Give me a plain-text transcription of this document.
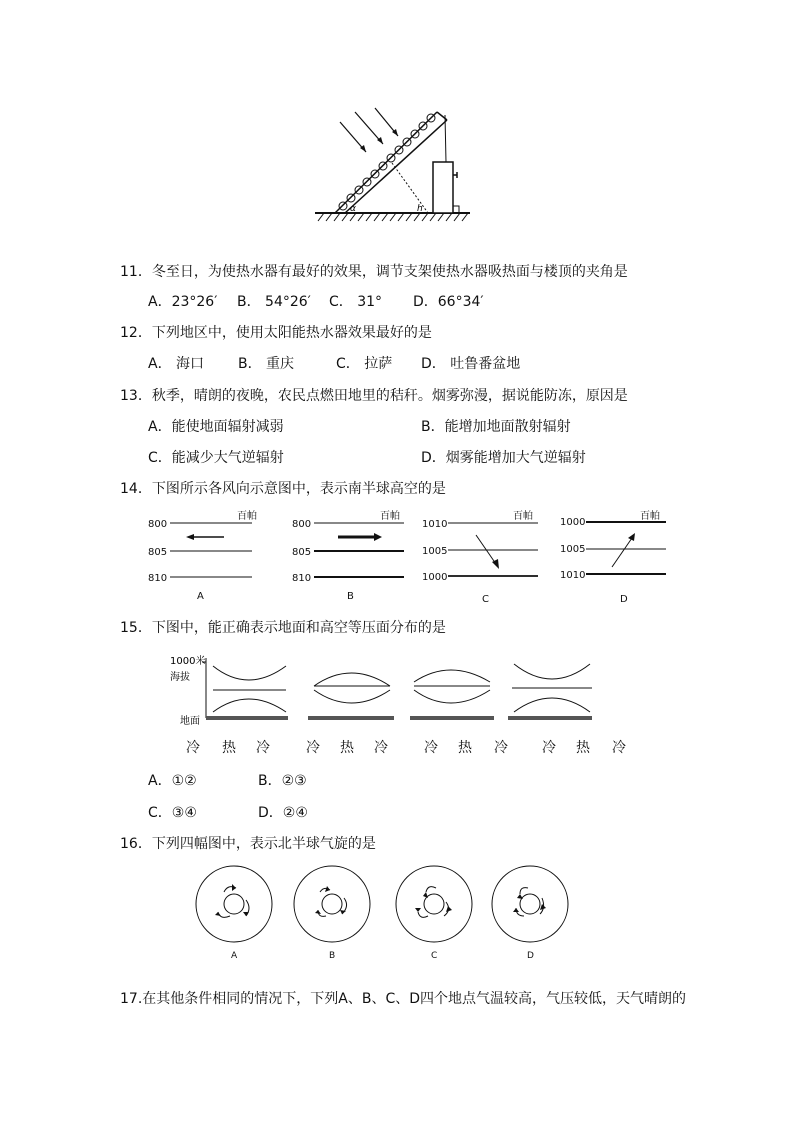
α	h
11．冬至日，为使热水器有最好的效果，调节支架使热水器吸热面与楼顶的夹角是
A．23°26′ B． 54°26′ C． 31° D．66°34′
12．下列地区中，使用太阳能热水器效果最好的是
A． 海口 B． 重庆	C． 拉萨 D． 吐鲁番盆地
13．秋季，晴朗的夜晚，农民点燃田地里的秸秆。烟雾弥漫，据说能防冻，原因是
A．能使地面辐射减弱	B．能增加地面散射辐射
C．能减少大气逆辐射	D．烟雾能增加大气逆辐射
14．下图所示各风向示意图中，表示南半球高空的是
800
805
810
百帕
A
800
805
810
百帕
B
1010
1005
1000
百帕
C
1000
1005
1010
百帕
D
15．下图中，能正确表示地面和高空等压面分布的是
1000米
海拔
地面
冷 热 冷	冷 热 冷	冷 热 冷 冷 热 冷
A．①②	B．②③
C．③④	D．②④
16．下列四幅图中，表示北半球气旋的是
A	B	C	D
17.在其他条件相同的情况下，下列A、B、C、D四个地点气温较高，气压较低，天气晴朗的
